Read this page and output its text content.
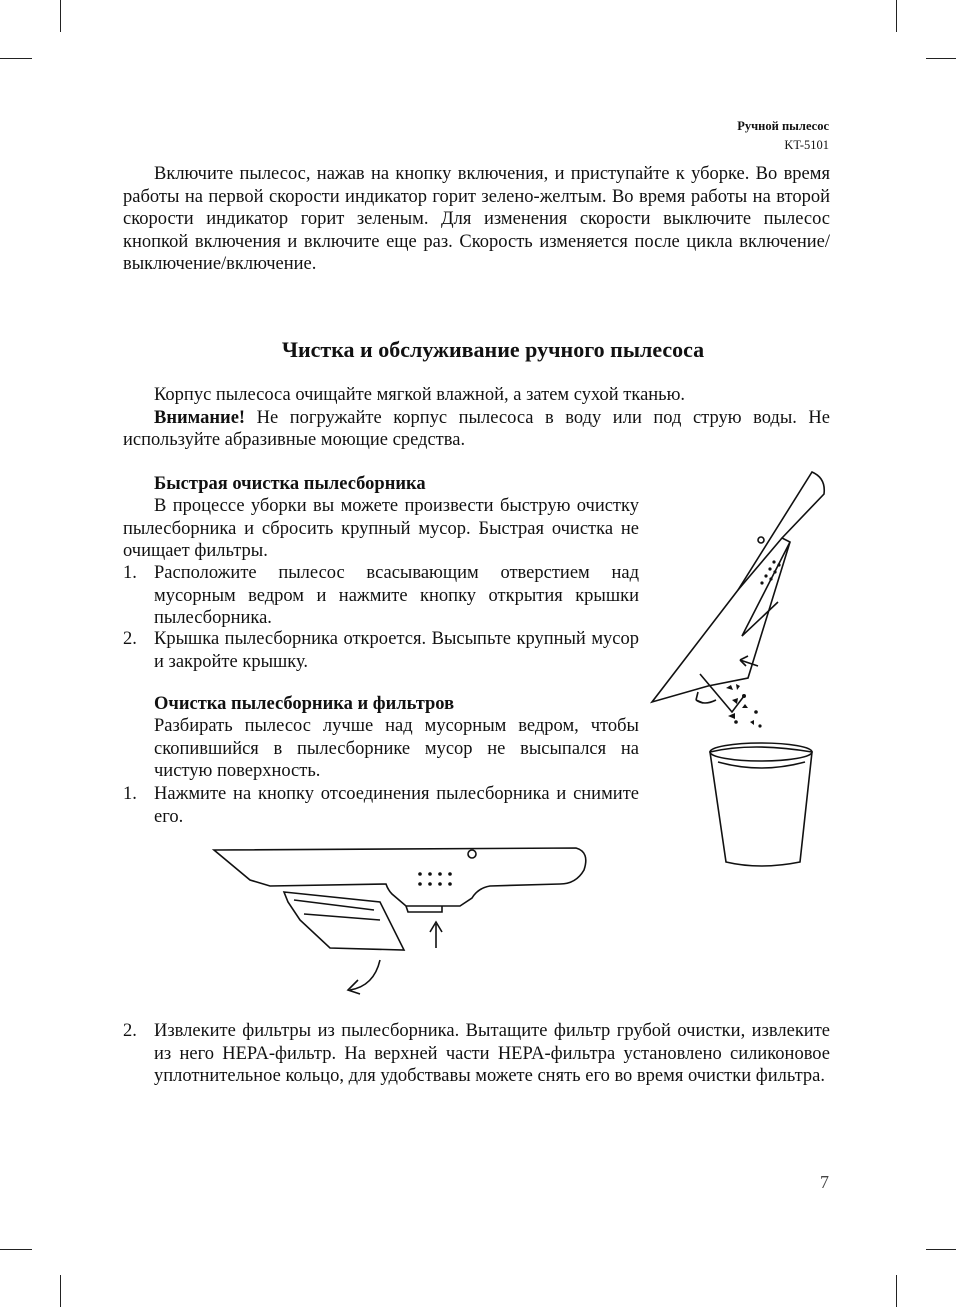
Ручной пылесос
KT-5101

Включите пылесос, нажав на кнопку включения, и приступайте к уборке. Во время работы на первой скорости индикатор горит зелено-желтым. Во время работы на второй скорости индикатор горит зеленым. Для изменения скорости выключите пылесос кнопкой включения и включите еще раз. Скорость изменяется после цикла включение/выключение/включение.

Чистка и обслуживание ручного пылесоса

Корпус пылесоса очищайте мягкой влажной, а затем сухой тканью.
Внимание! Не погружайте корпус пылесоса в воду или под струю воды. Не используйте абразивные моющие средства.

Быстрая очистка пылесборника

В процессе уборки вы можете произвести быструю очистку пылесборника и сбросить крупный мусор. Быстрая очистка не очищает фильтры.

1. Расположите пылесос всасывающим отверстием над мусорным ведром и нажмите кнопку открытия крышки пылесборника.
2. Крышка пылесборника откроется. Высыпьте крупный мусор и закройте крышку.
Очистка пылесборника и фильтров

Разбирать пылесос лучше над мусорным ведром, чтобы скопившийся в пылесборнике мусор не высыпался на чистую поверхность.

1. Нажмите на кнопку отсоединения пылесборника и снимите его.
2. Извлеките фильтры из пылесборника. Вытащите фильтр грубой очистки, извлеките из него HEPA-фильтр. На верхней части HEPA-фильтра установлено силиконовое уплотнительное кольцо, для удобствавы можете снять его во время очистки фильтра.
7
